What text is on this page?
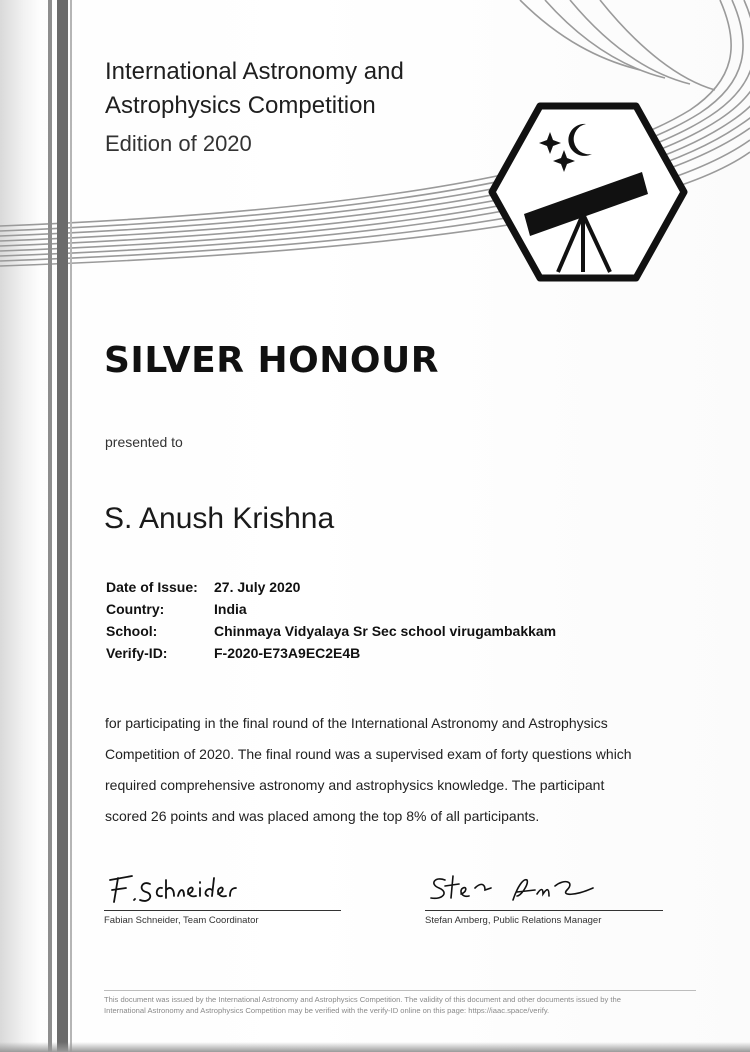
International Astronomy and
Astrophysics Competition
Edition of 2020
SILVER HONOUR
presented to
S. Anush Krishna
Date of Issue:	27. July 2020
Country:	India
School:	Chinmaya Vidyalaya Sr Sec school virugambakkam
Verify-ID:	F-2020-E73A9EC2E4B
for participating in the final round of the International Astronomy and Astrophysics
Competition of 2020. The final round was a supervised exam of forty questions which
required comprehensive astronomy and astrophysics knowledge. The participant
scored 26 points and was placed among the top 8% of all participants.
Fabian Schneider, Team Coordinator	Stefan Amberg, Public Relations Manager
This document was issued by the International Astronomy and Astrophysics Competition. The validity of this document and other documents issued by the
International Astronomy and Astrophysics Competition may be verified with the verify-ID online on this page: https://iaac.space/verify.
